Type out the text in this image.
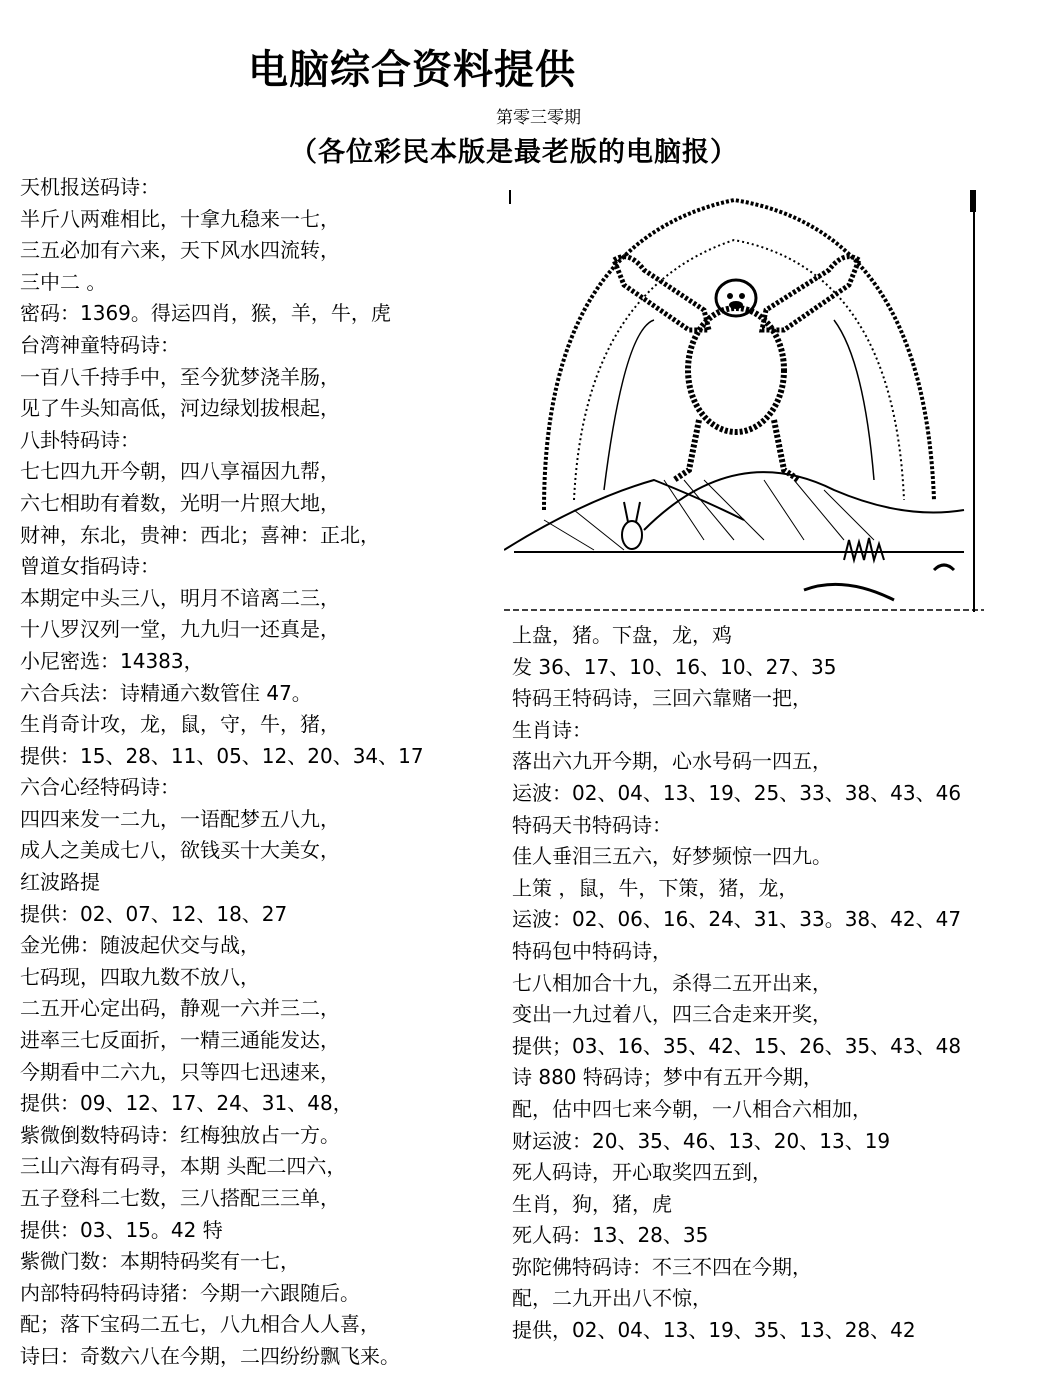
电脑综合资料提供
第零三零期
（各位彩民本版是最老版的电脑报）
天机报送码诗：
半斤八两难相比，十拿九稳来一七，
三五必加有六来，天下风水四流转，
三中二 。
密码：1369。得运四肖，猴，羊，牛，虎
台湾神童特码诗：
一百八千持手中，至今犹梦浇羊肠，
见了牛头知高低，河边绿划拔根起，
八卦特码诗：
七七四九开今朝，四八享福因九帮，
六七相助有着数，光明一片照大地，
财神，东北，贵神：西北；喜神：正北，
曾道女指码诗：
本期定中头三八，明月不谙离二三，
十八罗汉列一堂，九九归一还真是，
小尼密选：14383，
六合兵法：诗精通六数管住 47。
生肖奇计攻，龙，鼠，守，牛，猪，
提供：15、28、11、05、12、20、34、17
六合心经特码诗：
四四来发一二九，一语配梦五八九，
成人之美成七八，欲钱买十大美女，
红波路提
提供：02、07、12、18、27
金光佛：随波起伏交与战，
七码现，四取九数不放八，
二五开心定出码，静观一六并三二，
进率三七反面折，一精三通能发达，
今期看中二六九，只等四七迅速来，
提供：09、12、17、24、31、48，
紫微倒数特码诗：红梅独放占一方。
三山六海有码寻，本期 头配二四六，
五子登科二七数，三八搭配三三单，
提供：03、15。42 特
紫微门数：本期特码奖有一七，
内部特码特码诗猪：今期一六跟随后。
配；落下宝码二五七，八九相合人人喜，
诗曰：奇数六八在今期，二四纷纷飘飞来。
上盘，猪。下盘，龙，鸡
发 36、17、10、16、10、27、35
特码王特码诗，三回六靠赌一把，
生肖诗：
落出六九开今期，心水号码一四五，
运波：02、04、13、19、25、33、38、43、46
特码天书特码诗：
佳人垂泪三五六，好梦频惊一四九。
上策 ，鼠，牛，下策，猪，龙，
运波：02、06、16、24、31、33。38、42、47
特码包中特码诗，
七八相加合十九，杀得二五开出来，
变出一九过着八，四三合走来开奖，
提供；03、16、35、42、15、26、35、43、48
诗 880 特码诗；梦中有五开今期，
配，估中四七来今朝，一八相合六相加，
财运波：20、35、46、13、20、13、19
死人码诗，开心取奖四五到，
生肖，狗，猪，虎
死人码：13、28、35
弥陀佛特码诗：不三不四在今期，
配，二九开出八不惊，
提供，02、04、13、19、35、13、28、42
